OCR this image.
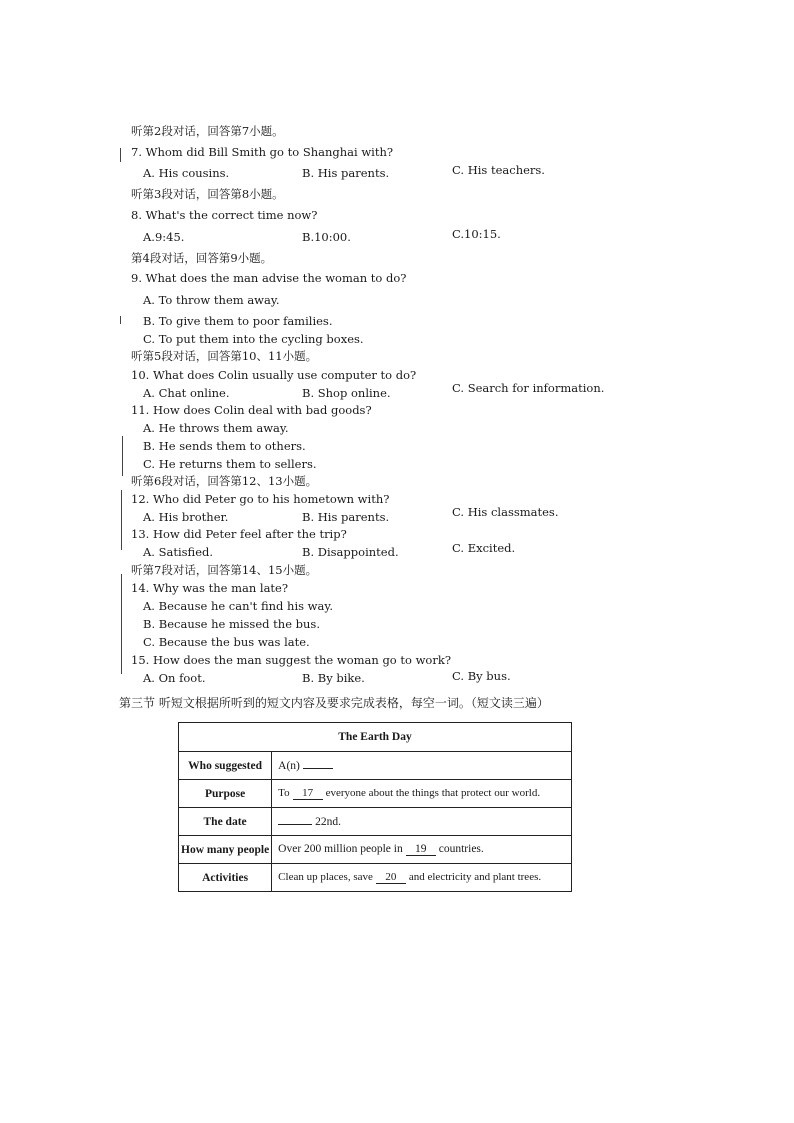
听第2段对话，回答第7小题。
7. Whom did Bill Smith go to Shanghai with?
A. His cousins.	B. His parents.	C. His teachers.
听第3段对话，回答第8小题。
8. What's the correct time now?
A.9:45.	B.10:00.	C.10:15.
第4段对话，回答第9小题。
9. What does the man advise the woman to do?
A. To throw them away.
B. To give them to poor families.
C. To put them into the cycling boxes.
听第5段对话，回答第10、11小题。
10. What does Colin usually use computer to do?
A. Chat online.	B. Shop online.	C. Search for information.
11. How does Colin deal with bad goods?
A. He throws them away.
B. He sends them to others.
C. He returns them to sellers.
听第6段对话，回答第12、13小题。
12. Who did Peter go to his hometown with?
A. His brother.	B. His parents.	C. His classmates.
13. How did Peter feel after the trip?
A. Satisfied.	B. Disappointed.	C. Excited.
听第7段对话，回答第14、15小题。
14. Why was the man late?
A. Because he can't find his way.
B. Because he missed the bus.
C. Because the bus was late.
15. How does the man suggest the woman go to work?
A. On foot.	B. By bike.	C. By bus.
第三节 听短文根据所听到的短文内容及要求完成表格，每空一词。（短文读三遍）
The Earth Day	
Who suggested	A(n)
Purpose	To 17 everyone about the things that protect our world.
The date	22nd.
How many people	Over 200 million people in 19 countries.
Activities	Clean up places, save 20 and electricity and plant trees.
